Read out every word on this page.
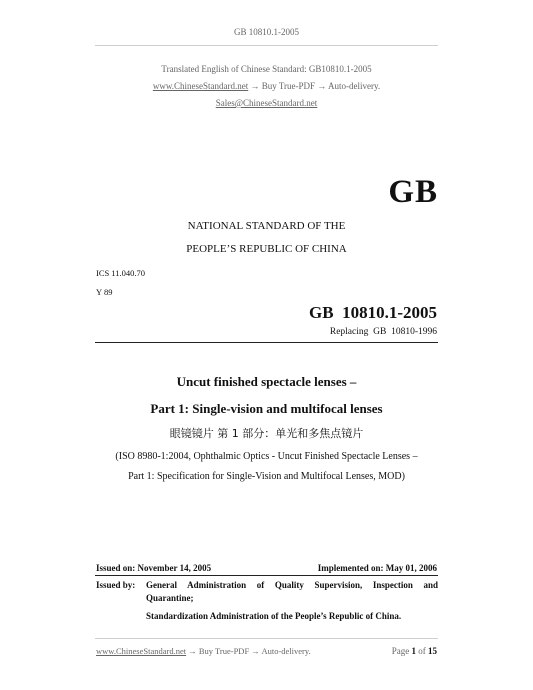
GB 10810.1-2005
Translated English of Chinese Standard: GB10810.1-2005
www.ChineseStandard.net → Buy True-PDF → Auto-delivery.
Sales@ChineseStandard.net
GB
NATIONAL STANDARD OF THE
PEOPLE’S REPUBLIC OF CHINA
ICS 11.040.70
Y 89
GB  10810.1-2005
Replacing  GB  10810-1996
Uncut finished spectacle lenses –
Part 1: Single-vision and multifocal lenses
眼镜镜片 第 1 部分：单光和多焦点镜片
(ISO 8980-1:2004, Ophthalmic Optics - Uncut Finished Spectacle Lenses –
Part 1: Specification for Single-Vision and Multifocal Lenses, MOD)
Issued on: November 14, 2005	Implemented on: May 01, 2006
Issued by: General Administration of Quality Supervision, Inspection and
Quarantine;
Standardization Administration of the People’s Republic of China.
www.ChineseStandard.net → Buy True-PDF → Auto-delivery.	Page 1 of 15
